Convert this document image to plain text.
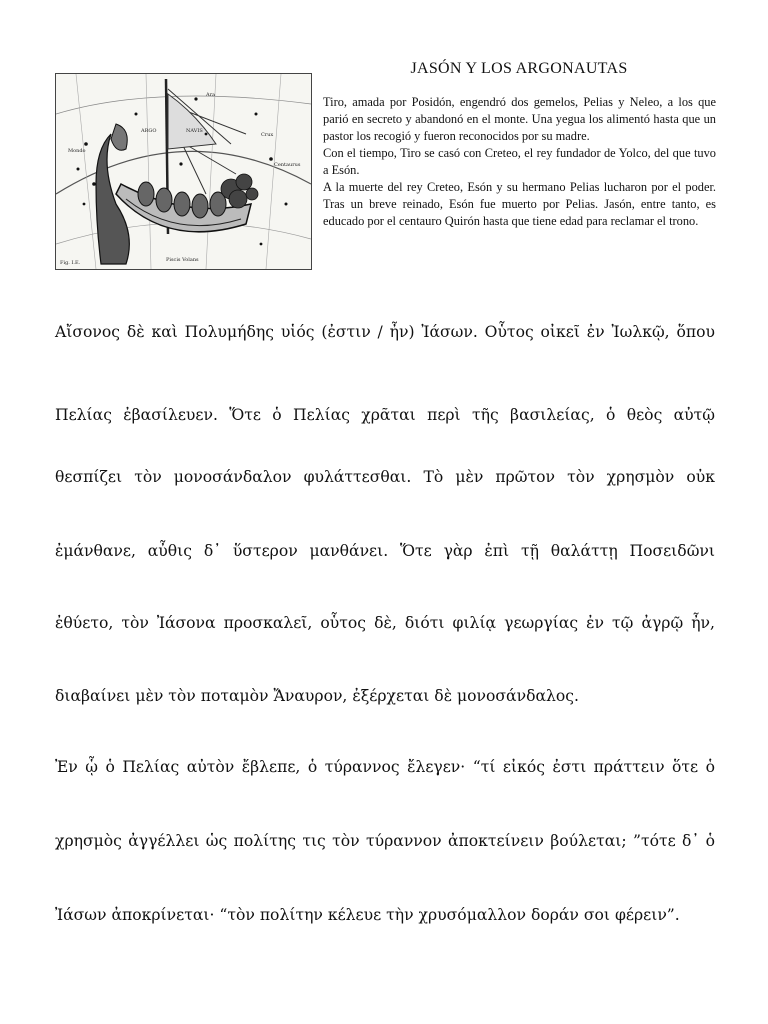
Ara
ARGO	NAVIS
Mondo
Crux
Centaurus
Piscis Volans
Fig. I.E.
JASÓN Y LOS ARGONAUTAS

Tiro, amada por Posidón, engendró dos gemelos, Pelias y Neleo, a los que parió en secreto y abandonó en el monte. Una yegua los alimentó hasta que un pastor los recogió y fueron reconocidos por su madre.

Con el tiempo, Tiro se casó con Creteo, el rey fundador de Yolco, del que tuvo a Esón.

A la muerte del rey Creteo, Esón y su hermano Pelias lucharon por el poder. Tras un breve reinado, Esón fue muerto por Pelias. Jasón, entre tanto, es educado por el centauro Quirón hasta que tiene edad para reclamar el trono.

Αἴσονος δὲ καὶ Πολυμήδης υἱός (ἐστιν / ἦν) Ἰάσων. Οὗτος οἰκεῖ ἐν Ἰωλκῷ, ὅπου
Πελίας ἐβασίλευεν. Ὅτε ὁ Πελίας χρᾶται περὶ τῆς βασιλείας, ὁ θεὸς αὐτῷ
θεσπίζει τὸν μονοσάνδαλον φυλάττεσθαι. Τὸ μὲν πρῶτον τὸν χρησμὸν οὐκ
ἐμάνθανε, αὖθις δ᾽ ὕστερον μανθάνει. Ὅτε γὰρ ἐπὶ τῇ θαλάττῃ Ποσειδῶνι
ἐθύετο, τὸν Ἰάσονα προσκαλεῖ, οὗτος δὲ, διότι φιλίᾳ γεωργίας ἐν τῷ ἀγρῷ ἦν,
διαβαίνει μὲν τὸν ποταμὸν Ἄναυρον, ἐξέρχεται δὲ μονοσάνδαλος.
Ἐν ᾧ ὁ Πελίας αὐτὸν ἔβλεπε, ὁ τύραννος ἔλεγεν· “τί εἰκός ἐστι πράττειν ὅτε ὁ
χρησμὸς ἀγγέλλει ὡς πολίτης τις τὸν τύραννον ἀποκτείνειν βούλεται; ”τότε δ᾽ ὁ
Ἰάσων ἀποκρίνεται· “τὸν πολίτην κέλευε τὴν χρυσόμαλλον δοράν σοι φέρειν”.
